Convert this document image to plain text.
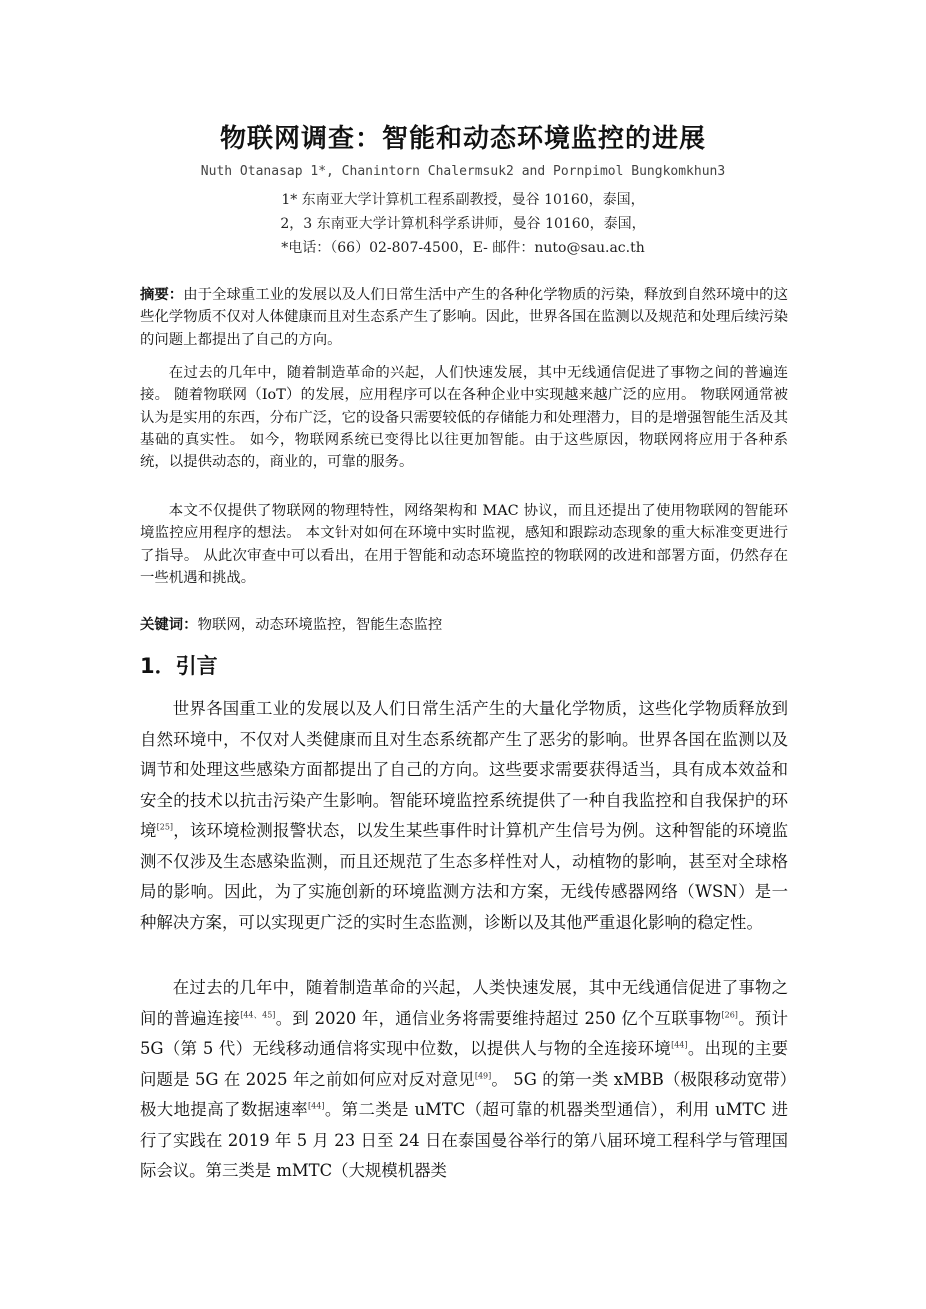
物联网调查：智能和动态环境监控的进展
Nuth Otanasap 1*, Chanintorn Chalermsuk2 and Pornpimol Bungkomkhun3
1* 东南亚大学计算机工程系副教授，曼谷 10160，泰国，
2，3 东南亚大学计算机科学系讲师，曼谷 10160，泰国，
*电话：（66）02-807-4500，E- 邮件：nuto@sau.ac.th

摘要：由于全球重工业的发展以及人们日常生活中产生的各种化学物质的污染，释放到自然环境中的这些化学物质不仅对人体健康而且对生态系产生了影响。因此，世界各国在监测以及规范和处理后续污染的问题上都提出了自己的方向。

在过去的几年中，随着制造革命的兴起，人们快速发展，其中无线通信促进了事物之间的普遍连接。 随着物联网（IoT）的发展，应用程序可以在各种企业中实现越来越广泛的应用。 物联网通常被认为是实用的东西，分布广泛，它的设备只需要较低的存储能力和处理潜力，目的是增强智能生活及其基础的真实性。 如今，物联网系统已变得比以往更加智能。由于这些原因，物联网将应用于各种系统，以提供动态的，商业的，可靠的服务。

本文不仅提供了物联网的物理特性，网络架构和 MAC 协议，而且还提出了使用物联网的智能环境监控应用程序的想法。 本文针对如何在环境中实时监视，感知和跟踪动态现象的重大标准变更进行了指导。 从此次审查中可以看出，在用于智能和动态环境监控的物联网的改进和部署方面，仍然存在一些机遇和挑战。

关键词：物联网，动态环境监控，智能生态监控

1．引言

世界各国重工业的发展以及人们日常生活产生的大量化学物质，这些化学物质释放到自然环境中，不仅对人类健康而且对生态系统都产生了恶劣的影响。世界各国在监测以及调节和处理这些感染方面都提出了自己的方向。这些要求需要获得适当，具有成本效益和安全的技术以抗击污染产生影响。智能环境监控系统提供了一种自我监控和自我保护的环境[25]，该环境检测报警状态，以发生某些事件时计算机产生信号为例。这种智能的环境监测不仅涉及生态感染监测，而且还规范了生态多样性对人，动植物的影响，甚至对全球格局的影响。因此，为了实施创新的环境监测方法和方案，无线传感器网络（WSN）是一种解决方案，可以实现更广泛的实时生态监测，诊断以及其他严重退化影响的稳定性。

在过去的几年中，随着制造革命的兴起，人类快速发展，其中无线通信促进了事物之间的普遍连接[44、45]。到 2020 年，通信业务将需要维持超过 250 亿个互联事物[26]。预计 5G（第 5 代）无线移动通信将实现中位数，以提供人与物的全连接环境[44]。出现的主要问题是 5G 在 2025 年之前如何应对反对意见[49]。 5G 的第一类 xMBB（极限移动宽带）极大地提高了数据速率[44]。第二类是 uMTC（超可靠的机器类型通信），利用 uMTC 进行了实践在 2019 年 5 月 23 日至 24 日在泰国曼谷举行的第八届环境工程科学与管理国际会议。第三类是 mMTC（大规模机器类
